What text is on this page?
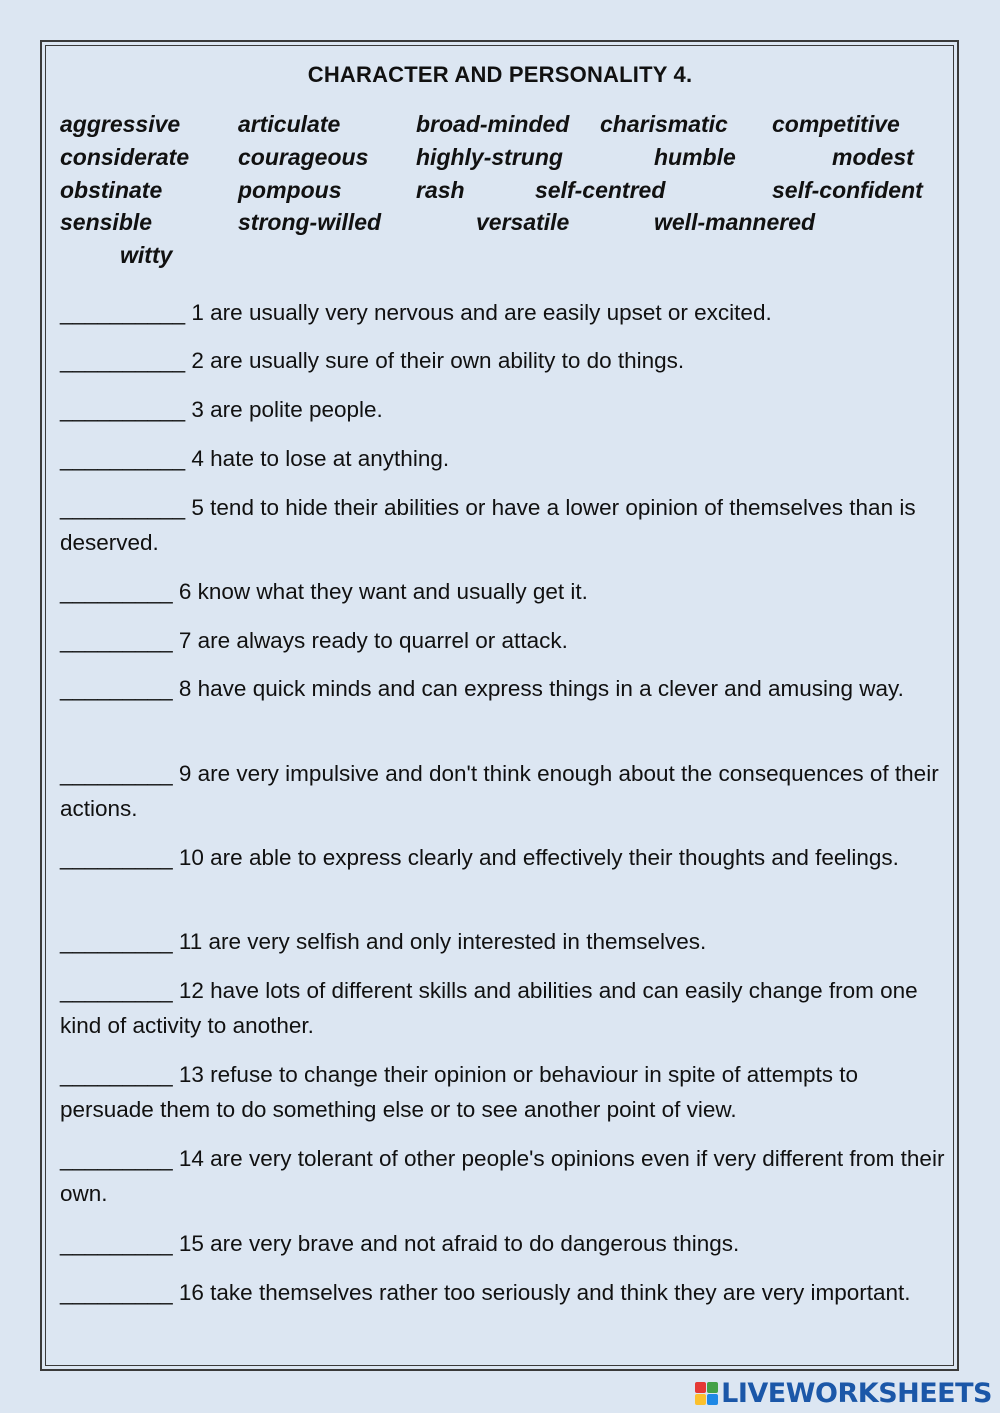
CHARACTER AND PERSONALITY 4.
aggressive	articulate	broad-minded charismatic competitive
considerate courageous highly-strung	humble	modest
obstinate	pompous	rash	self-centred	self-confident
sensible	strong-willed	versatile	well-mannered
witty
__________ 1 are usually very nervous and are easily upset or excited.
__________ 2 are usually sure of their own ability to do things.
__________ 3 are polite people.
__________ 4 hate to lose at anything.
__________ 5 tend to hide their abilities or have a lower opinion of themselves than is deserved.
_________ 6 know what they want and usually get it.
_________ 7 are always ready to quarrel or attack.
_________ 8 have quick minds and can express things in a clever and amusing way.
_________ 9 are very impulsive and don't think enough about the consequences of their actions.
_________ 10 are able to express clearly and effectively their thoughts and feelings.
_________ 11 are very selfish and only interested in themselves.
_________ 12 have lots of different skills and abilities and can easily change from one kind of activity to another.
_________ 13 refuse to change their opinion or behaviour in spite of attempts to persuade them to do something else or to see another point of view.
_________ 14 are very tolerant of other people's opinions even if very different from their own.
_________ 15 are very brave and not afraid to do dangerous things.
_________ 16 take themselves rather too seriously and think they are very important.
LIVEWORKSHEETS
